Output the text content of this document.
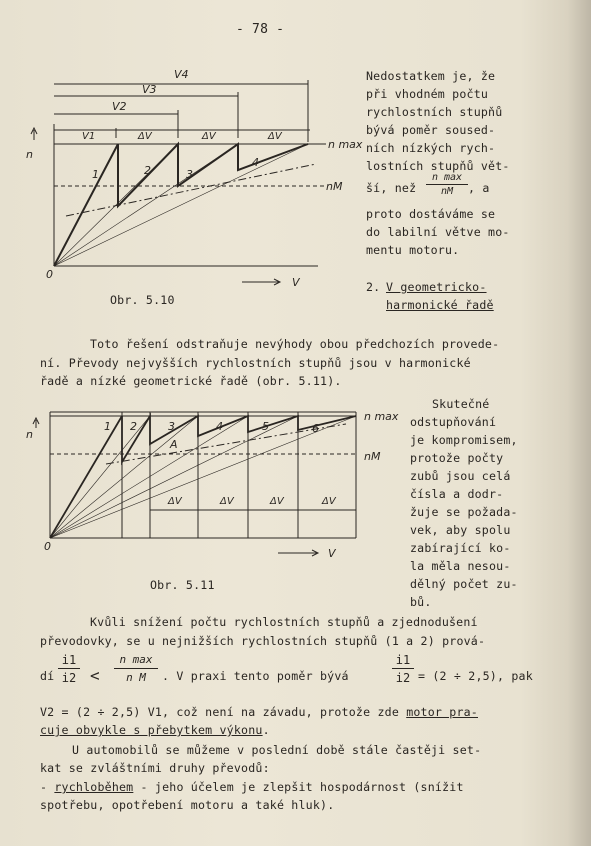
- 78 -
V4
V3
V2
V1	ΔV	ΔV	ΔV
n
n max
nM
0
V
1	2	3
4
Obr. 5.10
Nedostatkem je, že
při vhodném počtu
rychlostních stupňů
bývá poměr soused-
ních nízkých rych-
lostních stupňů vět-
ší, než
n max
nM	, a
proto dostáváme se
do labilní větve mo-
mentu motoru.
2. V geometricko-
harmonické řadě
Toto řešení odstraňuje nevýhody obou předchozích provede-
ní. Převody nejvyšších rychlostních stupňů jsou v harmonické
řadě a nízké geometrické řadě (obr. 5.11).
n
n max
nM
0
1 2	3	4	5	6
A
ΔV	ΔV	ΔV	ΔV
V
Obr. 5.11
Skutečné
odstupňování
je kompromisem,
protože počty
zubů jsou celá
čísla a dodr-
žuje se požada-
vek, aby spolu
zabírající ko-
la měla nesou-
dělný počet zu-
bů.
Kvůli snížení počtu rychlostních stupňů a zjednodušení
převodovky, se u nejnižších rychlostních stupňů (1 a 2) prová-
dí $\frac{i1}{i2}$ <
n max
n M	. V praxi tento poměr bývá	$\frac{i1}{i2} = (2 \div 2,5)$, pak
V2 = (2 ÷ 2,5) V1, což není na závadu, protože zde motor pra-
cuje obvykle s přebytkem výkonu.
U automobilů se můžeme v poslední době stále častěji set-
kat se zvláštními druhy převodů:
- rychloběhem - jeho účelem je zlepšit hospodárnost (snížit
spotřebu, opotřebení motoru a také hluk).
